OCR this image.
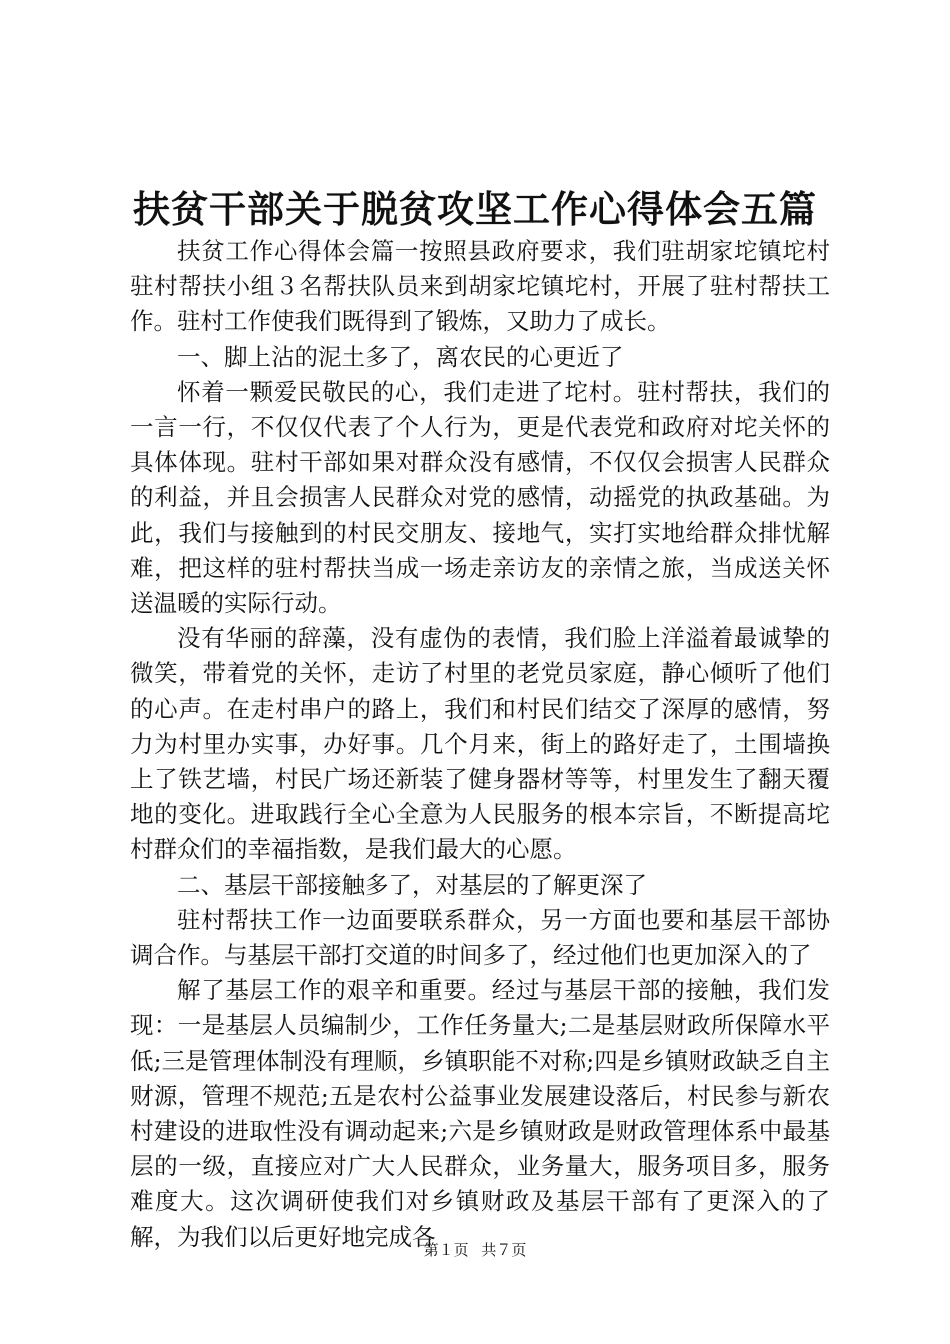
扶贫干部关于脱贫攻坚工作心得体会五篇

扶贫工作心得体会篇一按照县政府要求，我们驻胡家坨镇坨村驻村帮扶小组３名帮扶队员来到胡家坨镇坨村，开展了驻村帮扶工作。驻村工作使我们既得到了锻炼，又助力了成长。

一、脚上沾的泥土多了，离农民的心更近了

怀着一颗爱民敬民的心，我们走进了坨村。驻村帮扶，我们的一言一行，不仅仅代表了个人行为，更是代表党和政府对坨关怀的具体体现。驻村干部如果对群众没有感情，不仅仅会损害人民群众的利益，并且会损害人民群众对党的感情，动摇党的执政基础。为此，我们与接触到的村民交朋友、接地气，实打实地给群众排忧解难，把这样的驻村帮扶当成一场走亲访友的亲情之旅，当成送关怀送温暖的实际行动。

没有华丽的辞藻，没有虚伪的表情，我们脸上洋溢着最诚挚的微笑，带着党的关怀，走访了村里的老党员家庭，静心倾听了他们的心声。在走村串户的路上，我们和村民们结交了深厚的感情，努力为村里办实事，办好事。几个月来，街上的路好走了，土围墙换上了铁艺墙，村民广场还新装了健身器材等等，村里发生了翻天覆地的变化。进取践行全心全意为人民服务的根本宗旨，不断提高坨村群众们的幸福指数，是我们最大的心愿。

二、基层干部接触多了，对基层的了解更深了

驻村帮扶工作一边面要联系群众，另一方面也要和基层干部协调合作。与基层干部打交道的时间多了，经过他们也更加深入的了

解了基层工作的艰辛和重要。经过与基层干部的接触，我们发现：一是基层人员编制少，工作任务量大;二是基层财政所保障水平低;三是管理体制没有理顺，乡镇职能不对称;四是乡镇财政缺乏自主财源，管理不规范;五是农村公益事业发展建设落后，村民参与新农村建设的进取性没有调动起来;六是乡镇财政是财政管理体系中最基层的一级，直接应对广大人民群众，业务量大，服务项目多，服务难度大。这次调研使我们对乡镇财政及基层干部有了更深入的了解，为我们以后更好地完成各

第１页 共７页
